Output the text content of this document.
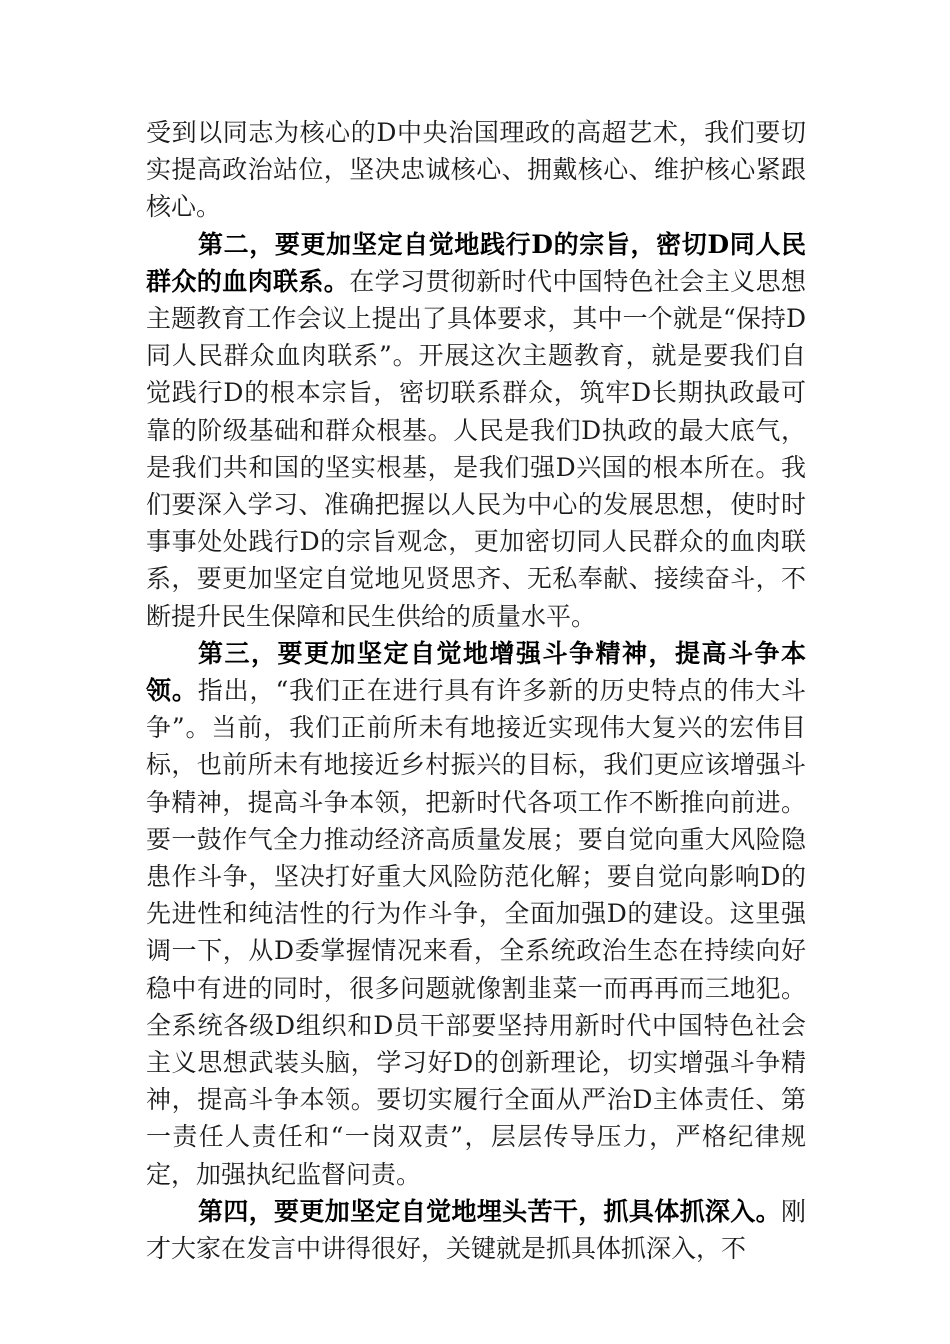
受到以同志为核心的D中央治国理政的高超艺术，我们要切实提高政治站位，坚决忠诚核心、拥戴核心、维护核心紧跟核心。

第二，要更加坚定自觉地践行D的宗旨，密切D同人民群众的血肉联系。在学习贯彻新时代中国特色社会主义思想主题教育工作会议上提出了具体要求，其中一个就是“保持D同人民群众血肉联系”。开展这次主题教育，就是要我们自觉践行D的根本宗旨，密切联系群众，筑牢D长期执政最可靠的阶级基础和群众根基。人民是我们D执政的最大底气，是我们共和国的坚实根基，是我们强D兴国的根本所在。我们要深入学习、准确把握以人民为中心的发展思想，使时时事事处处践行D的宗旨观念，更加密切同人民群众的血肉联系，要更加坚定自觉地见贤思齐、无私奉献、接续奋斗，不断提升民生保障和民生供给的质量水平。

第三，要更加坚定自觉地增强斗争精神，提高斗争本领。指出，“我们正在进行具有许多新的历史特点的伟大斗争”。当前，我们正前所未有地接近实现伟大复兴的宏伟目标，也前所未有地接近乡村振兴的目标，我们更应该增强斗争精神，提高斗争本领，把新时代各项工作不断推向前进。要一鼓作气全力推动经济高质量发展；要自觉向重大风险隐患作斗争，坚决打好重大风险防范化解；要自觉向影响D的先进性和纯洁性的行为作斗争，全面加强D的建设。这里强调一下，从D委掌握情况来看，全系统政治生态在持续向好稳中有进的同时，很多问题就像割韭菜一而再再而三地犯。全系统各级D组织和D员干部要坚持用新时代中国特色社会主义思想武装头脑，学习好D的创新理论，切实增强斗争精神，提高斗争本领。要切实履行全面从严治D主体责任、第一责任人责任和“一岗双责”，层层传导压力，严格纪律规定，加强执纪监督问责。

第四，要更加坚定自觉地埋头苦干，抓具体抓深入。刚才大家在发言中讲得很好，关键就是抓具体抓深入，不
